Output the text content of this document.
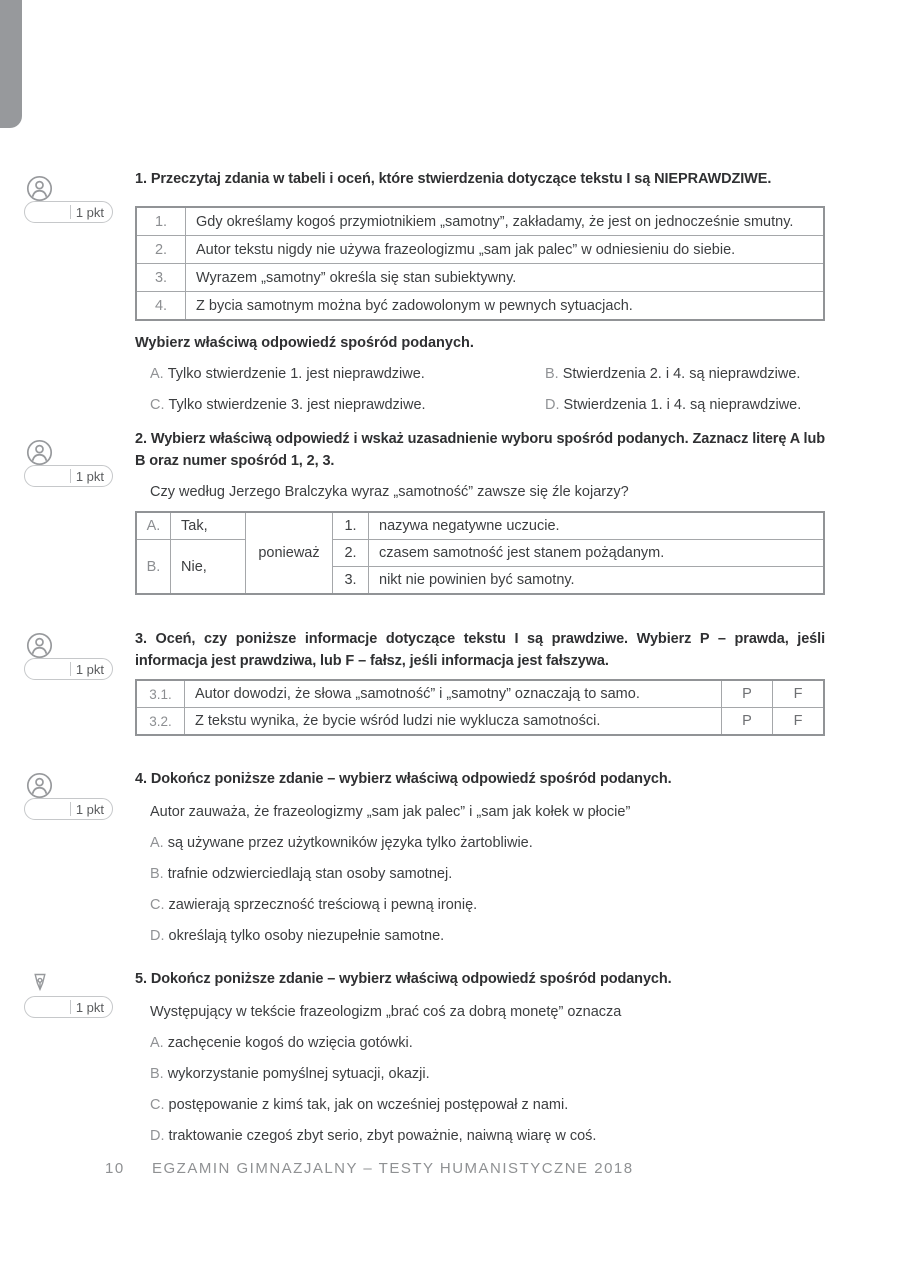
1 pkt
1 pkt
1 pkt
1 pkt
1 pkt

1. Przeczytaj zdania w tabeli i oceń, które stwierdzenia dotyczące tekstu I są NIEPRAWDZIWE.

1.	Gdy określamy kogoś przymiotnikiem „samotny”, zakładamy, że jest on jednocześnie smutny.
2.	Autor tekstu nigdy nie używa frazeologizmu „sam jak palec” w odniesieniu do siebie.
3.	Wyrazem „samotny” określa się stan subiektywny.
4.	Z bycia samotnym można być zadowolonym w pewnych sytuacjach.

Wybierz właściwą odpowiedź spośród podanych.

A. Tylko stwierdzenie 1. jest nieprawdziwe.	B. Stwierdzenia 2. i 4. są nieprawdziwe.
C. Tylko stwierdzenie 3. jest nieprawdziwe.	D. Stwierdzenia 1. i 4. są nieprawdziwe.

2. Wybierz właściwą odpowiedź i wskaż uzasadnienie wyboru spośród podanych. Zaznacz literę A lub B oraz numer spośród 1, 2, 3.

Czy według Jerzego Bralczyka wyraz „samotność” zawsze się źle kojarzy?
A.	Tak,	ponieważ	1.	nazywa negatywne uczucie.
B.	Nie,		2.	czasem samotność jest stanem pożądanym.
			3.	nikt nie powinien być samotny.

3. Oceń, czy poniższe informacje dotyczące tekstu I są prawdziwe. Wybierz P – prawda, jeśli informacja jest prawdziwa, lub F – fałsz, jeśli informacja jest fałszywa.

3.1.	Autor dowodzi, że słowa „samotność” i „samotny” oznaczają to samo.	P	F
3.2.	Z tekstu wynika, że bycie wśród ludzi nie wyklucza samotności.	P	F

4. Dokończ poniższe zdanie – wybierz właściwą odpowiedź spośród podanych.

Autor zauważa, że frazeologizmy „sam jak palec” i „sam jak kołek w płocie”
A. są używane przez użytkowników języka tylko żartobliwie.
B. trafnie odzwierciedlają stan osoby samotnej.
C. zawierają sprzeczność treściową i pewną ironię.
D. określają tylko osoby niezupełnie samotne.

5. Dokończ poniższe zdanie – wybierz właściwą odpowiedź spośród podanych.

Występujący w tekście frazeologizm „brać coś za dobrą monetę” oznacza
A. zachęcenie kogoś do wzięcia gotówki.
B. wykorzystanie pomyślnej sytuacji, okazji.
C. postępowanie z kimś tak, jak on wcześniej postępował z nami.
D. traktowanie czegoś zbyt serio, zbyt poważnie, naiwną wiarę w coś.
10 EGZAMIN GIMNAZJALNY – TESTY HUMANISTYCZNE 2018
